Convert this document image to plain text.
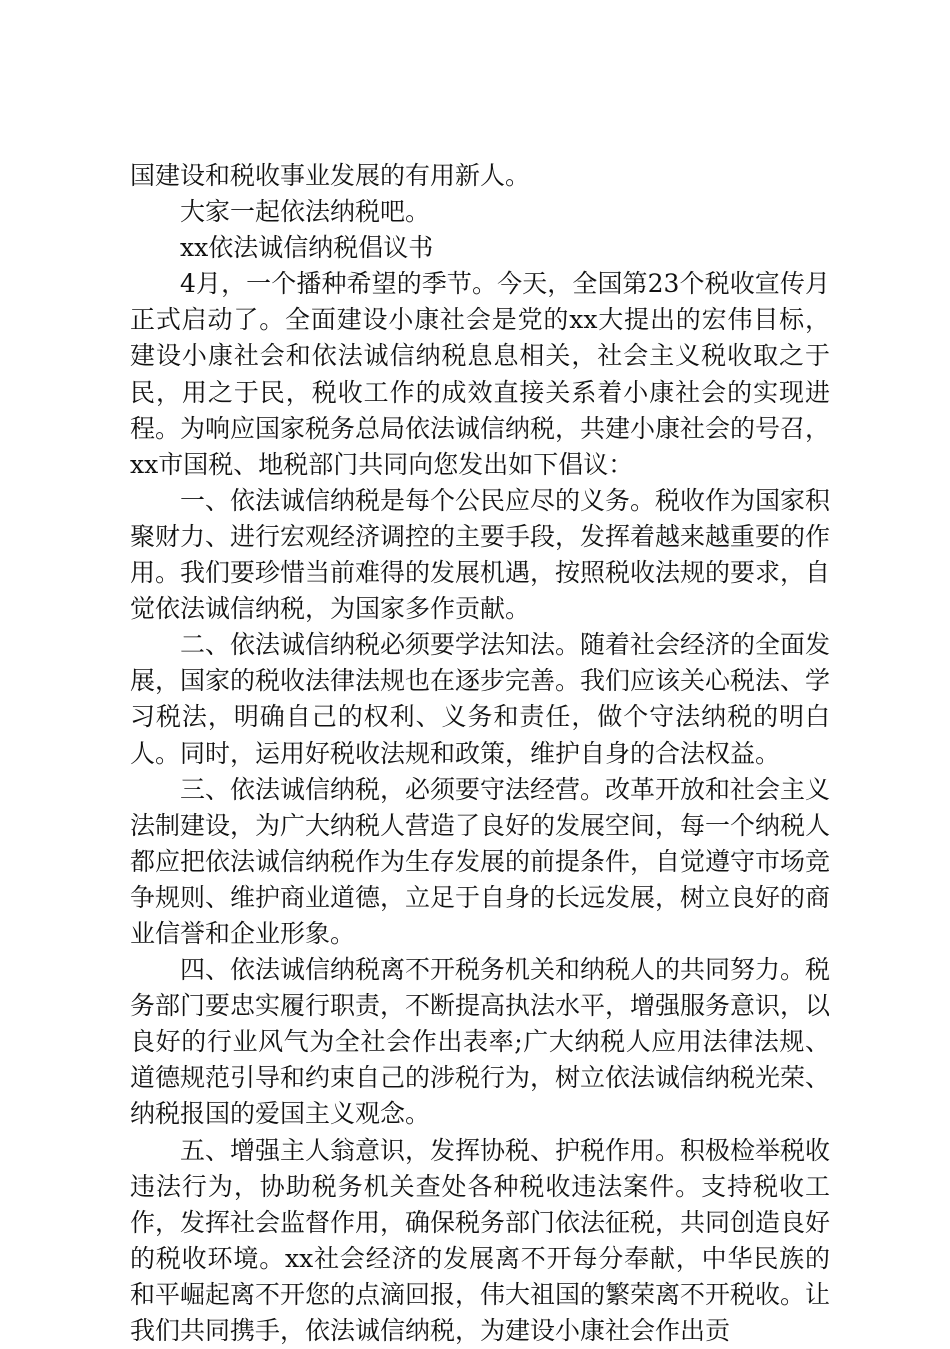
国建设和税收事业发展的有用新人。

大家一起依法纳税吧。

xx依法诚信纳税倡议书

4月，一个播种希望的季节。今天，全国第23个税收宣传月正式启动了。全面建设小康社会是党的xx大提出的宏伟目标，建设小康社会和依法诚信纳税息息相关，社会主义税收取之于民，用之于民，税收工作的成效直接关系着小康社会的实现进程。为响应国家税务总局依法诚信纳税，共建小康社会的号召，xx市国税、地税部门共同向您发出如下倡议：

一、依法诚信纳税是每个公民应尽的义务。税收作为国家积聚财力、进行宏观经济调控的主要手段，发挥着越来越重要的作用。我们要珍惜当前难得的发展机遇，按照税收法规的要求，自觉依法诚信纳税，为国家多作贡献。

二、依法诚信纳税必须要学法知法。随着社会经济的全面发展，国家的税收法律法规也在逐步完善。我们应该关心税法、学习税法，明确自己的权利、义务和责任，做个守法纳税的明白人。同时，运用好税收法规和政策，维护自身的合法权益。

三、依法诚信纳税，必须要守法经营。改革开放和社会主义法制建设，为广大纳税人营造了良好的发展空间，每一个纳税人都应把依法诚信纳税作为生存发展的前提条件，自觉遵守市场竞争规则、维护商业道德，立足于自身的长远发展，树立良好的商业信誉和企业形象。

四、依法诚信纳税离不开税务机关和纳税人的共同努力。税务部门要忠实履行职责，不断提高执法水平，增强服务意识，以良好的行业风气为全社会作出表率;广大纳税人应用法律法规、道德规范引导和约束自己的涉税行为，树立依法诚信纳税光荣、纳税报国的爱国主义观念。

五、增强主人翁意识，发挥协税、护税作用。积极检举税收违法行为，协助税务机关查处各种税收违法案件。支持税收工作，发挥社会监督作用，确保税务部门依法征税，共同创造良好的税收环境。xx社会经济的发展离不开每分奉献，中华民族的和平崛起离不开您的点滴回报，伟大祖国的繁荣离不开税收。让我们共同携手，依法诚信纳税，为建设小康社会作出贡
